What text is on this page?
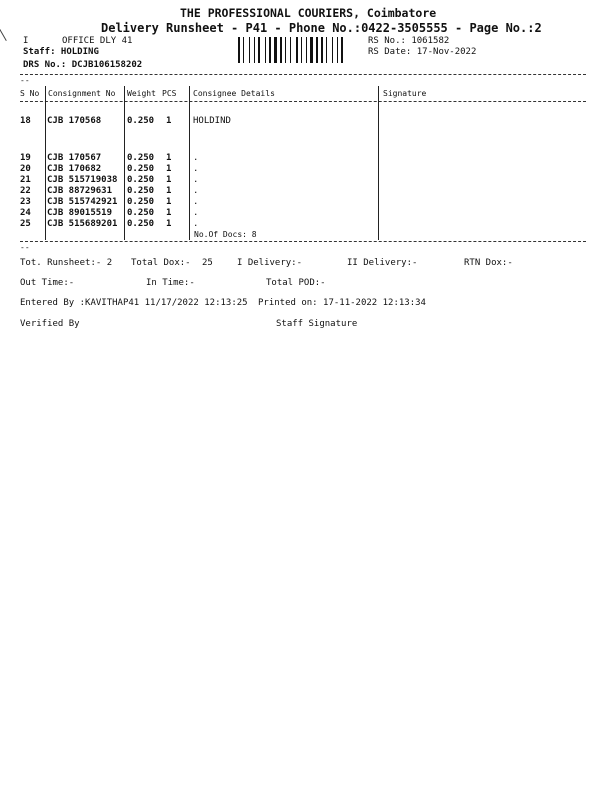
THE PROFESSIONAL COURIERS, Coimbatore
Delivery Runsheet - P41 - Phone No.:0422-3505555 - Page No.:2
I	OFFICE DLY 41
Staff: HOLDING
DRS No.: DCJB106158202
RS No.: 1061582
RS Date: 17-Nov-2022
--
S No Consignment No Weight PCS Consignee Details	Signature
18 CJB 170568	0.250 1 HOLDIND
19 CJB 170567	0.250 1 .
20 CJB 170682	0.250 1 .
21 CJB 515719038 0.250 1 .
22 CJB 88729631 0.250 1 .
23 CJB 515742921 0.250 1 .
24 CJB 89015519 0.250 1 .
25 CJB 515689201 0.250 1 .
No.Of Docs: 8
--
Tot. Runsheet:- 2 Total Dox:- 25	I Delivery:-	II Delivery:-	RTN Dox:-
Out Time:-	In Time:-	Total POD:-
Entered By :KAVITHAP41 11/17/2022 12:13:25 Printed on: 17-11-2022 12:13:34
Verified By	Staff Signature
